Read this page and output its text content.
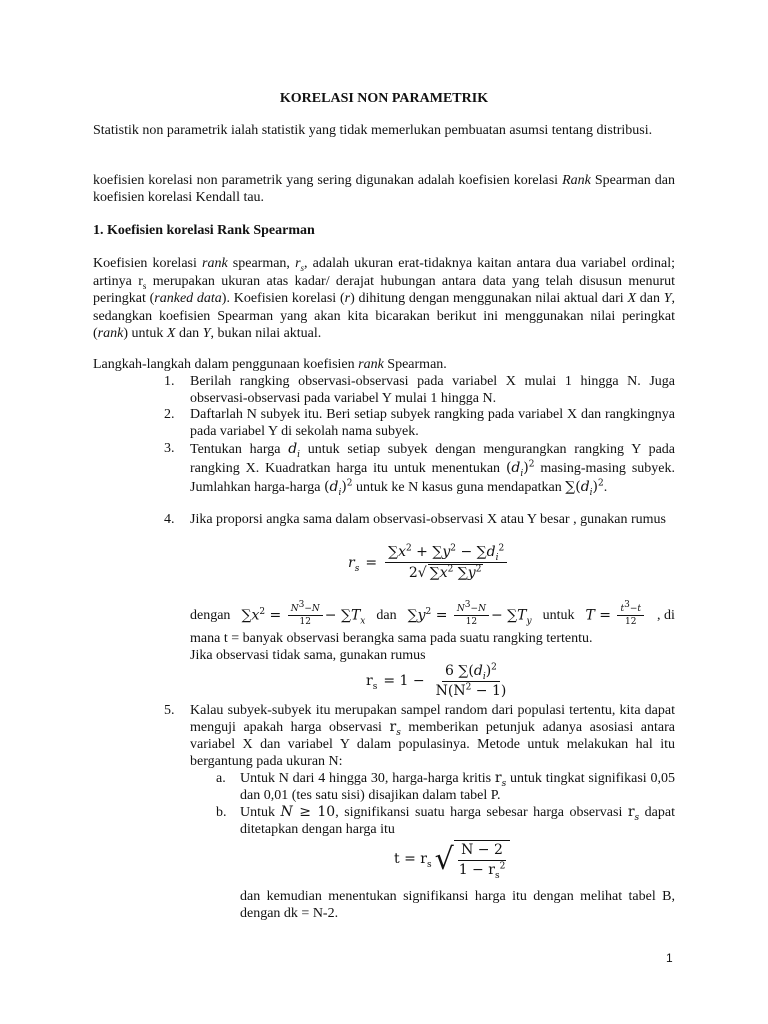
KORELASI NON PARAMETRIK
Statistik non parametrik ialah statistik yang tidak memerlukan pembuatan asumsi tentang distribusi.
koefisien korelasi non parametrik yang sering digunakan adalah koefisien korelasi Rank Spearman dan koefisien korelasi Kendall tau.
1. Koefisien korelasi Rank Spearman
Koefisien korelasi rank spearman, $r_s$, adalah ukuran erat-tidaknya kaitan antara dua variabel ordinal; artinya $r_s$ merupakan ukuran atas kadar/ derajat hubungan antara data yang telah disusun menurut peringkat (ranked data). Koefisien korelasi (r) dihitung dengan menggunakan nilai aktual dari X dan Y, sedangkan koefisien Spearman yang akan kita bicarakan berikut ini menggunakan nilai peringkat (rank) untuk X dan Y, bukan nilai aktual.
Langkah-langkah dalam penggunaan koefisien rank Spearman.
1.	Berilah rangking observasi-observasi pada variabel X mulai 1 hingga N. Juga observasi-observasi pada variabel Y mulai 1 hingga N.
2.	Daftarlah N subyek itu. Beri setiap subyek rangking pada variabel X dan rangkingnya pada variabel Y di sekolah nama subyek.
3.	Tentukan harga $d_i$ untuk setiap subyek dengan mengurangkan rangking Y pada rangking X. Kuadratkan harga itu untuk menentukan $(d_i)^2$ masing-masing subyek. Jumlahkan harga-harga $(d_i)^2$ untuk ke N kasus guna mendapatkan $\sum(d_i)^2$.
4.	Jika proporsi angka sama dalam observasi-observasi X atau Y besar , gunakan rumus
$r_s = \frac{\sum x^2 + \sum y^2 - \sum d_i^2}{2√ \sum x^2 \sum y^2}$
dengan $\sum x^2 = \frac{N^3-N}{12} - \sum T_x$ dan $\sum y^2 = \frac{N^3-N}{12} - \sum T_y$ untuk $T = \frac{t^3-t}{12}$ , di
mana t = banyak observasi berangka sama pada suatu rangking tertentu.
Jika observasi tidak sama, gunakan rumus
$r_s = 1 - \frac{6 \sum(d_i)^2}{N(N^2 - 1)}$
5.	Kalau subyek-subyek itu merupakan sampel random dari populasi tertentu, kita dapat menguji apakah harga observasi $r_s$ memberikan petunjuk adanya asosiasi antara variabel X dan variabel Y dalam populasinya. Metode untuk melakukan hal itu bergantung pada ukuran N:
a.	Untuk N dari 4 hingga 30, harga-harga kritis $r_s$ untuk tingkat signifikasi 0,05 dan 0,01 (tes satu sisi) disajikan dalam tabel P.
b. Untuk N ≥ 10, signifikansi suatu harga sebesar harga observasi $r_s$ dapat ditetapkan dengan harga itu
$t = r_s$ √ $\frac{N - 2}{1 - r_s^2}$
dan kemudian menentukan signifikansi harga itu dengan melihat tabel B, dengan dk = N-2.
1
